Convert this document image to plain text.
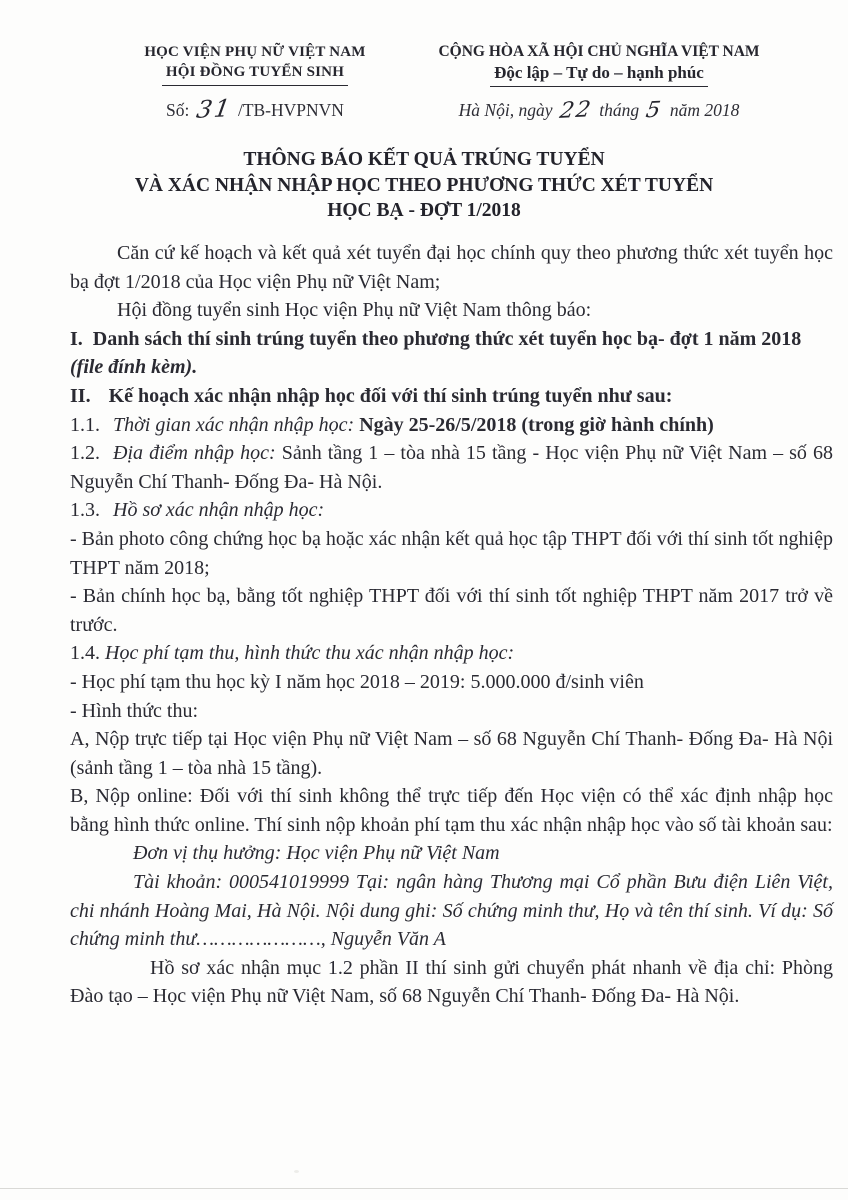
HỌC VIỆN PHỤ NỮ VIỆT NAM
HỘI ĐỒNG TUYỂN SINH
Số: 31 /TB-HVPNVN
CỘNG HÒA XÃ HỘI CHỦ NGHĨA VIỆT NAM
Độc lập – Tự do – hạnh phúc
Hà Nội, ngày 22 tháng 5 năm 2018
THÔNG BÁO KẾT QUẢ TRÚNG TUYỂN
VÀ XÁC NHẬN NHẬP HỌC THEO PHƯƠNG THỨC XÉT TUYỂN
HỌC BẠ - ĐỢT 1/2018

Căn cứ kế hoạch và kết quả xét tuyển đại học chính quy theo phương thức xét tuyển học bạ đợt 1/2018 của Học viện Phụ nữ Việt Nam;

Hội đồng tuyển sinh Học viện Phụ nữ Việt Nam thông báo:

I. Danh sách thí sinh trúng tuyển theo phương thức xét tuyển học bạ- đợt 1 năm 2018 (file đính kèm).

II. Kế hoạch xác nhận nhập học đối với thí sinh trúng tuyển như sau:

1.1. Thời gian xác nhận nhập học: Ngày 25-26/5/2018 (trong giờ hành chính)

1.2. Địa điểm nhập học: Sảnh tầng 1 – tòa nhà 15 tầng - Học viện Phụ nữ Việt Nam – số 68 Nguyễn Chí Thanh- Đống Đa- Hà Nội.

1.3. Hồ sơ xác nhận nhập học:

- Bản photo công chứng học bạ hoặc xác nhận kết quả học tập THPT đối với thí sinh tốt nghiệp THPT năm 2018;

- Bản chính học bạ, bằng tốt nghiệp THPT đối với thí sinh tốt nghiệp THPT năm 2017 trở về trước.

1.4. Học phí tạm thu, hình thức thu xác nhận nhập học:

- Học phí tạm thu học kỳ I năm học 2018 – 2019: 5.000.000 đ/sinh viên

- Hình thức thu:

A, Nộp trực tiếp tại Học viện Phụ nữ Việt Nam – số 68 Nguyễn Chí Thanh- Đống Đa- Hà Nội (sảnh tầng 1 – tòa nhà 15 tầng).

B, Nộp online: Đối với thí sinh không thể trực tiếp đến Học viện có thể xác định nhập học bằng hình thức online. Thí sinh nộp khoản phí tạm thu xác nhận nhập học vào số tài khoản sau:

Đơn vị thụ hưởng: Học viện Phụ nữ Việt Nam

Tài khoản: 000541019999 Tại: ngân hàng Thương mại Cổ phần Bưu điện Liên Việt, chi nhánh Hoàng Mai, Hà Nội. Nội dung ghi: Số chứng minh thư, Họ và tên thí sinh. Ví dụ: Số chứng minh thư…………………, Nguyễn Văn A

Hồ sơ xác nhận mục 1.2 phần II thí sinh gửi chuyển phát nhanh về địa chỉ: Phòng Đào tạo – Học viện Phụ nữ Việt Nam, số 68 Nguyễn Chí Thanh- Đống Đa- Hà Nội.
